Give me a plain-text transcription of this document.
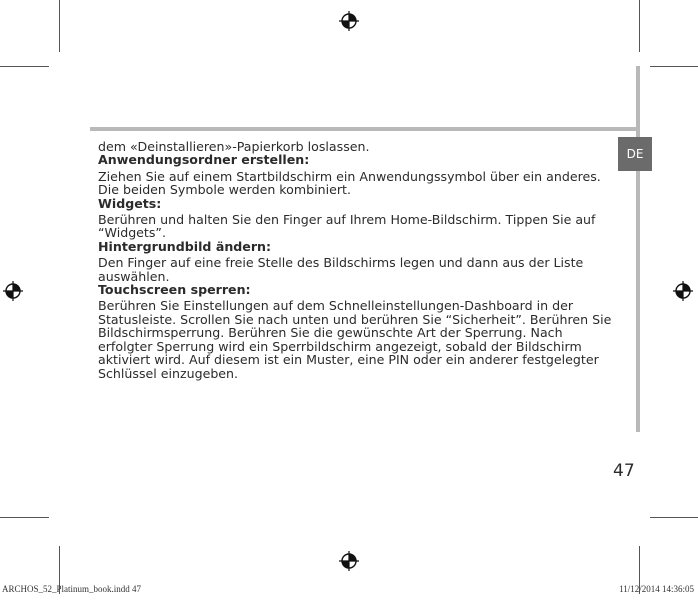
DE

dem «Deinstallieren»-Papierkorb loslassen.

Anwendungsordner erstellen:

Ziehen Sie auf einem Startbildschirm ein Anwendungssymbol über ein anderes.

Die beiden Symbole werden kombiniert.

Widgets:

Berühren und halten Sie den Finger auf Ihrem Home-Bildschirm. Tippen Sie auf “Widgets”.

Hintergrundbild ändern:

Den Finger auf eine freie Stelle des Bildschirms legen und dann aus der Liste auswählen.

Touchscreen sperren:

Berühren Sie Einstellungen auf dem Schnelleinstellungen-Dashboard in der Statusleiste. Scrollen Sie nach unten und berühren Sie “Sicherheit”. Berühren Sie Bildschirmsperrung. Berühren Sie die gewünschte Art der Sperrung. Nach erfolgter Sperrung wird ein Sperrbildschirm angezeigt, sobald der Bildschirm aktiviert wird. Auf diesem ist ein Muster, eine PIN oder ein anderer festgelegter Schlüssel einzugeben.

47
ARCHOS_52_Platinum_book.indd 47	11/12/2014 14:36:05
